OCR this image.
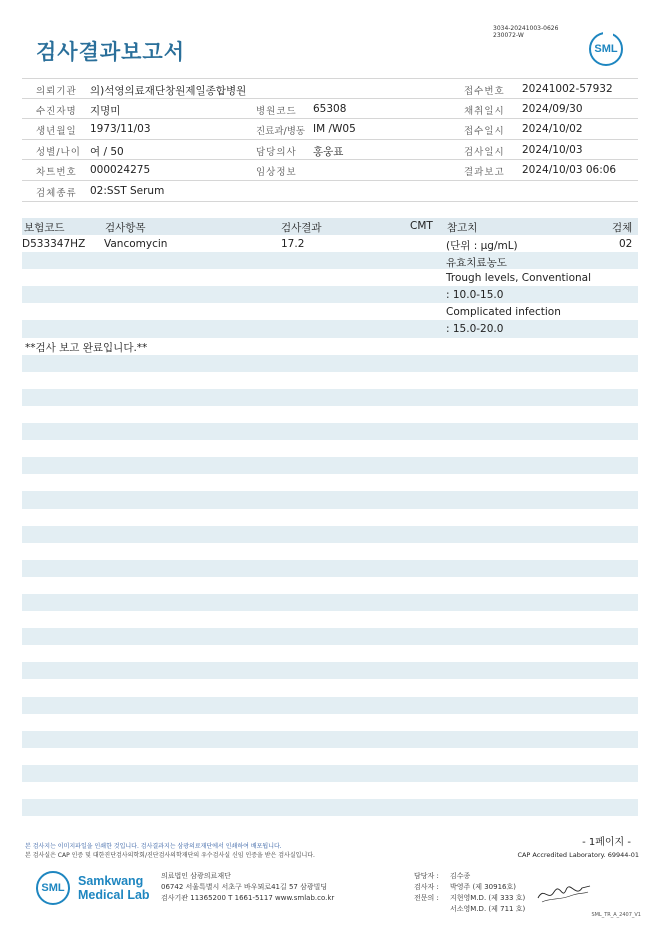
검사결과보고서
3034-20241003-0626
230072-W
SML
의뢰기관 의)석영의료재단창원제일종합병원	접수번호 20241002-57932
수진자명 지명미	병원코드 65308	채취일시 2024/09/30
생년월일 1973/11/03	진료과/병동 IM /W05	접수일시 2024/10/02
성별/나이 여 / 50	담당의사 홍웅표	검사일시 2024/10/03
차트번호 000024275	임상정보	결과보고 2024/10/03 06:06
검체종류 02:SST Serum
보험코드	검사항목	검사결과	CMT 참고치	검체
D533347HZ Vancomycin	17.2	02
(단위 : μg/mL)
유효치료농도
Trough levels, Conventional
: 10.0-15.0
Complicated infection
: 15.0-20.0
**검사 보고 완료입니다.**
본 검사지는 이미지파일을 인쇄한 것입니다. 검사결과지는 삼광의료재단에서 인쇄하여 배포됩니다.
본 검사실은 CAP 인증 및 대한진단검사의학회/진단검사의학재단의 우수검사실 신임 인증을 받은 검사실입니다.
- 1페이지 -
CAP Accredited Laboratory. 69944-01
SML	Samkwang
Medical Lab
의료법인 삼광의료재단
06742 서울특별시 서초구 바우뫼로41길 57 삼광빌딩
검사기관 11365200 T 1661-5117 www.smlab.co.kr
담당자 : 김수종
검사자 : 박영주 (제 30916호)
전문의 : 지현영M.D. (제 333 호)
서소영M.D. (제 711 호)
SML_TR_A_2407_V1
